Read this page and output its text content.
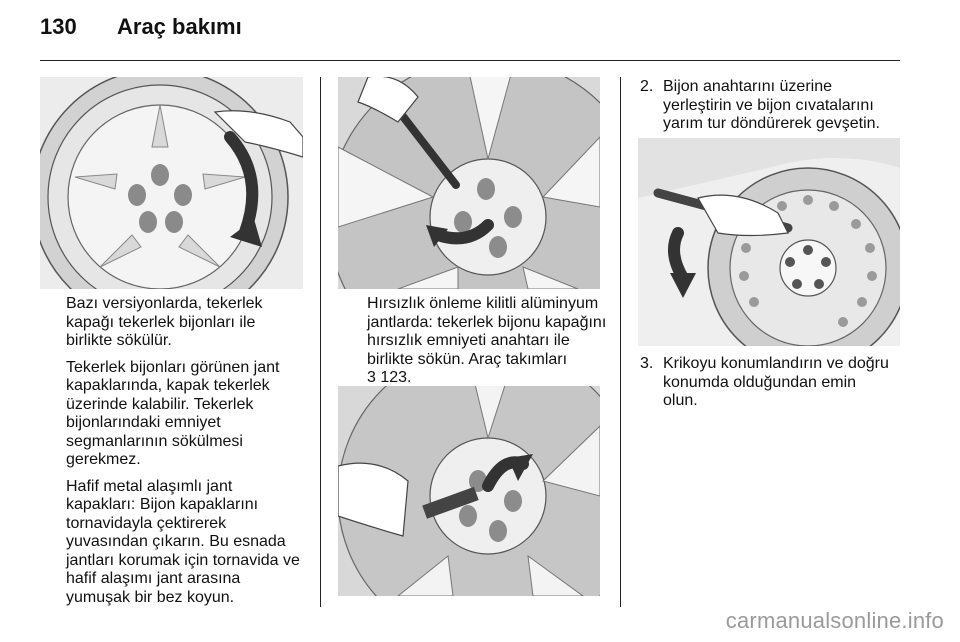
130 Araç bakımı

Bazı versiyonlarda, tekerlek kapağı tekerlek bijonları ile birlikte sökülür.

Tekerlek bijonları görünen jant kapaklarında, kapak tekerlek üzerinde kalabilir. Tekerlek bijonlarındaki emniyet segmanlarının sökülmesi gerekmez.

Hafif metal alaşımlı jant kapakları: Bijon kapaklarını tornavidayla çektirerek yuvasından çıkarın. Bu esnada jantları korumak için tornavida ve hafif alaşımı jant arasına yumuşak bir bez koyun.

Hırsızlık önleme kilitli alüminyum jantlarda: tekerlek bijonu kapağını hırsızlık emniyeti anahtarı ile birlikte sökün. Araç takımları
3 123.
2. Bijon anahtarını üzerine yerleştirin ve bijon cıvatalarını yarım tur döndürerek gevşetin.
3. Krikoyu konumlandırın ve doğru konumda olduğundan emin olun.
carmanualsonline.info
